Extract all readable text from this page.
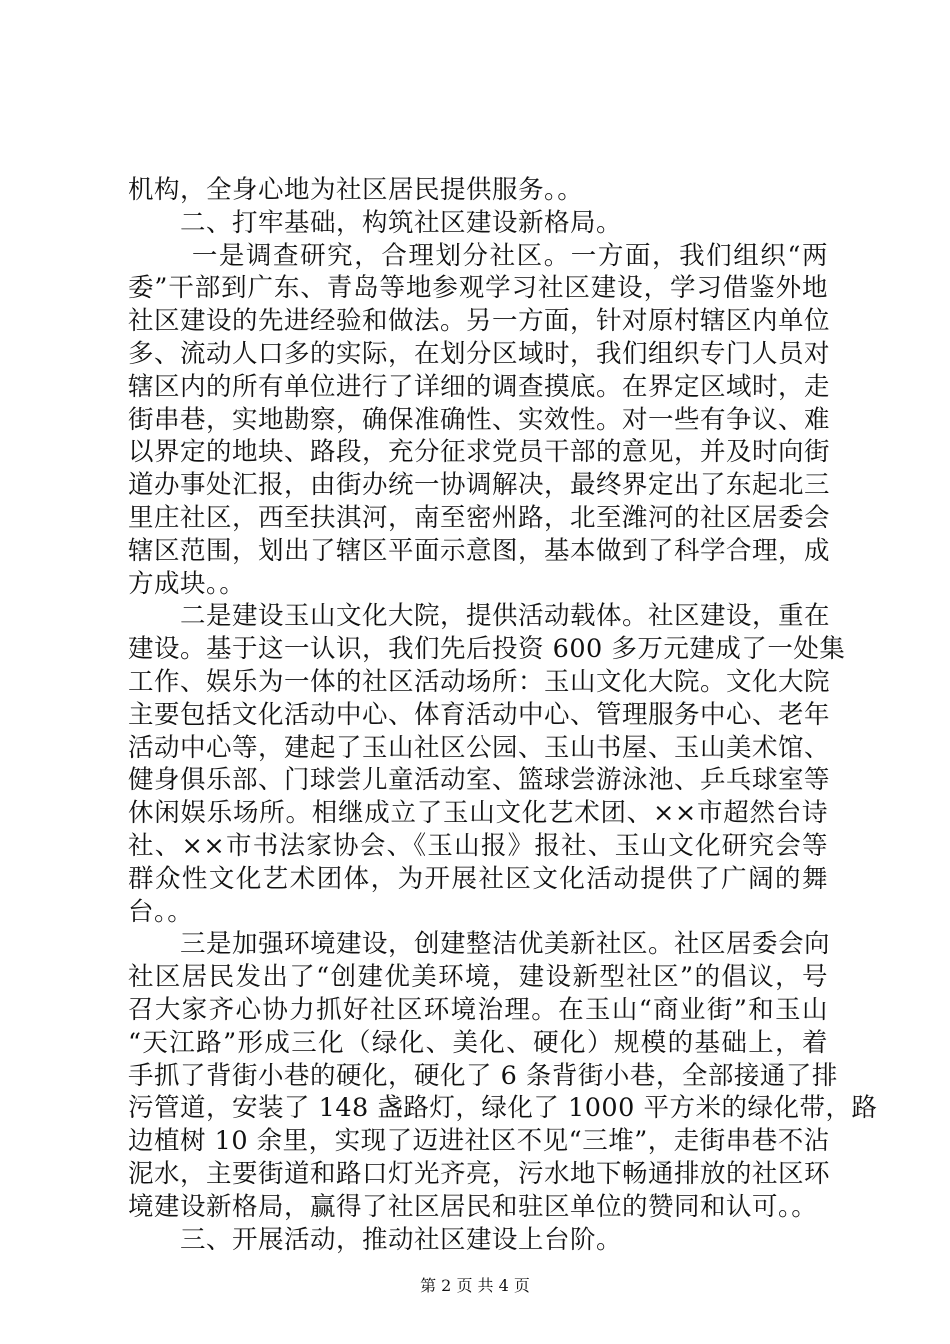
机构，全身心地为社区居民提供服务。。
　　二、打牢基础，构筑社区建设新格局。
　　 一是调查研究，合理划分社区。一方面，我们组织“两
委”干部到广东、青岛等地参观学习社区建设，学习借鉴外地
社区建设的先进经验和做法。另一方面，针对原村辖区内单位
多、流动人口多的实际，在划分区域时，我们组织专门人员对
辖区内的所有单位进行了详细的调查摸底。在界定区域时，走
街串巷，实地勘察，确保准确性、实效性。对一些有争议、难
以界定的地块、路段，充分征求党员干部的意见，并及时向街
道办事处汇报，由街办统一协调解决，最终界定出了东起北三
里庄社区，西至扶淇河，南至密州路，北至潍河的社区居委会
辖区范围，划出了辖区平面示意图，基本做到了科学合理，成
方成块。。
　　二是建设玉山文化大院，提供活动载体。社区建设，重在
建设。基于这一认识，我们先后投资 600 多万元建成了一处集
工作、娱乐为一体的社区活动场所：玉山文化大院。文化大院
主要包括文化活动中心、体育活动中心、管理服务中心、老年
活动中心等，建起了玉山社区公园、玉山书屋、玉山美术馆、
健身俱乐部、门球尝儿童活动室、篮球尝游泳池、乒乓球室等
休闲娱乐场所。相继成立了玉山文化艺术团、××市超然台诗
社、××市书法家协会、《玉山报》报社、玉山文化研究会等
群众性文化艺术团体，为开展社区文化活动提供了广阔的舞
台。。
　　三是加强环境建设，创建整洁优美新社区。社区居委会向
社区居民发出了“创建优美环境，建设新型社区”的倡议，号
召大家齐心协力抓好社区环境治理。在玉山“商业街”和玉山
“天江路”形成三化（绿化、美化、硬化）规模的基础上，着
手抓了背街小巷的硬化，硬化了 6 条背街小巷，全部接通了排
污管道，安装了 148 盏路灯，绿化了 1000 平方米的绿化带，路
边植树 10 余里，实现了迈进社区不见“三堆”，走街串巷不沾
泥水，主要街道和路口灯光齐亮，污水地下畅通排放的社区环
境建设新格局，赢得了社区居民和驻区单位的赞同和认可。。
　　三、开展活动，推动社区建设上台阶。
第 2 页 共 4 页
